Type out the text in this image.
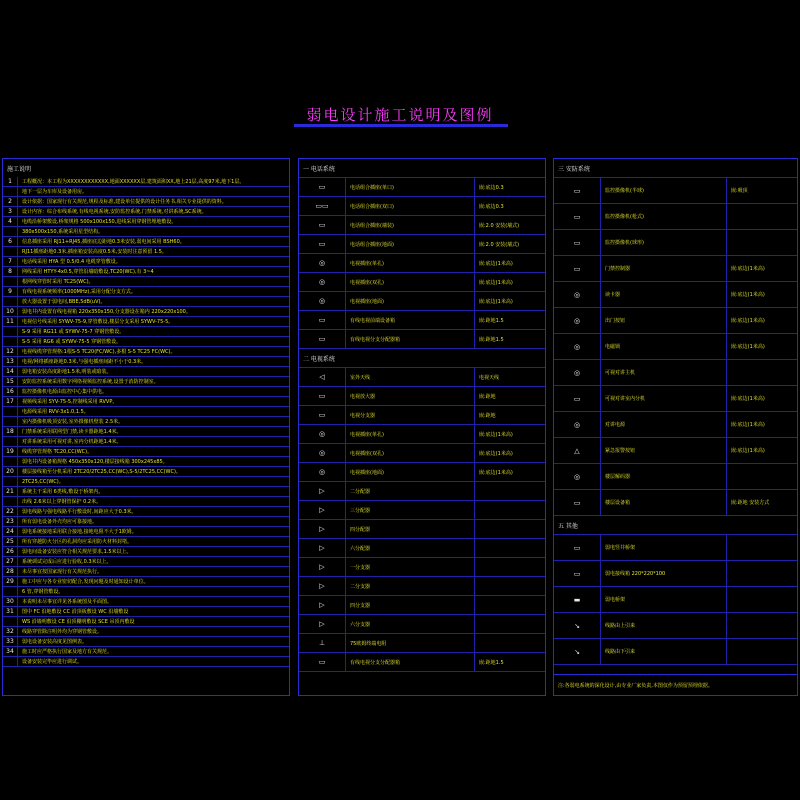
弱电设计施工说明及图例
施工说明
1	工程概况：本工程为XXXXXXXXXXXX,地面XXXXXX层,建筑面积XX,地上21层,高度97米,地下1层。
地下一层为车库及设备用房。
2	设计依据：国家现行有关规范,规程及标准,建设单位提供的设计任务书,相关专业提供的资料。
3	设计内容：综合布线系统,有线电视系统,安防监控系统,门禁系统,对讲系统,SC系统。
4	电缆沿桥架敷设,桥架规格 500x100x150,进线采用穿钢管埋地敷设。
380x500x150,系统采用星型结构。
6	信息插座采用 RJ11+RJ45,插座底边距地0.3米安装,弱电间采用 BSH60。
RJ11插座距地0.3米,插座箱安装高度0.5米,安装时注意预留 1.5。
7	电话线采用 HYA 型 0.5/0.4 电缆穿管敷设。
8	网线采用 HTYY-4x0.5,穿管沿墙暗敷设,TC20(WC),有 3~4
根网线穿管时采用 TC25(WC)。
9	有线电视系统频率(1000MHz),采用分配分支方式。
放大器设置于弱电间,BBE,5dB(uV)。
10	弱电井内设置有线电视箱 220x350x150,分支器设在箱内 220x220x100。
11	电视信号线采用 SYWV-75-9,穿管敷设,楼层分支采用 SYWV-75-5。
S-9 采用 RG11 或 SYWV-75-7 穿钢管敷设。
S-5 采用 RG6 或 SYWV-75-5 穿钢管敷设。
12	电视线缆穿管规格:1根S-5 TC20(FC/WC),多根 S-5 TC25 FC(WC)。
13	电视/网络插座距地0.3米,与强电插座间距不小于0.3米。
14	弱电箱安装高度距地1.5米,明装或暗装。
15	安防监控系统采用数字网络视频监控系统,设置于消防控制室。
16	监控摄像机电源由监控中心集中供电。
17	视频线采用 SYV-75-5,控制线采用 RVVP。
电源线采用 RVV-3x1.0,1.5。
室内摄像机吸顶安装,室外摄像机壁装 2.5米。
18	门禁系统采用联网型门禁,读卡器距地1.4米。
对讲系统采用可视对讲,室内分机距地1.4米。
19	线缆穿管规格 TC20,CC(WC)。
弱电井内设备箱规格 450x350x120,楼层接线箱 300x245x85。
20	楼层接线箱至分机采用 2TC20/2TC25,CC(WC),S-5/2TC25,CC(WC)。
2TC25,CC(WC)。
21	系统主干采用 6类线,敷设于桥架内。
出线 2.6米以上穿钢管保护 0.2米。
22	弱电线路与强电线路平行敷设时,间距应大于0.3米。
23	所有弱电设备外壳均应可靠接地。
24	弱电系统接地采用联合接地,接地电阻不大于1欧姆。
25	所有穿越防火分区的孔洞均应采用防火材料封堵。
26	弱电间设备安装应符合相关规范要求,1.5米以上。
27	系统调试完成后应进行验收,0.3米以上。
28	未尽事宜按国家现行有关规范执行。
29	施工中应与各专业密切配合,发现问题及时通知设计单位。
6 管,穿钢管敷设。
30	本说明未尽事宜详见各系统图及平面图。
31	图中 FC 沿地敷设 CC 沿顶板敷设 WC 沿墙敷设
WS 沿墙明敷设 CE 沿顶棚明敷设 SCE 吊顶内敷设
32	线路穿管除注明外均为穿钢管敷设。
33	弱电设备安装高度见图例表。
34	施工时应严格执行国家及地方有关规范。
设备安装完毕应进行调试。
一 电话系统
▭	电话组合插座(单口)	嵌:底边0.3
▭▭	电话组合插座(双口)	嵌:底边0.3
▭	电话组合插座(墙装)	嵌:2.0 安装(墙式)
▭	电话组合插座(地面)	嵌:2.0 安装(墙式)
◎	电视插座(单孔)	嵌:底边(1米高)
◎	电视插座(双孔)	嵌:底边(1米高)
◎	电视插座(地面)	嵌:底边(1米高)
▭	有线电视前端设备箱	嵌:距地1.5
▭	有线电视分支分配器箱	嵌:距地1.5
二 电视系统
◁	室外天线	电视天线
▭	电视放大器	嵌:距地
▭	电视分支器	嵌:距地
◎	电视插座(单孔)	嵌:底边(1米高)
◎	电视插座(双孔)	嵌:底边(1米高)
◎	电视插座(地面)	嵌:底边(1米高)
▷	二分配器
▷	三分配器
▷	四分配器
▷	六分配器
▷	一分支器
▷	二分支器
▷	四分支器
▷	六分支器
⊥	75欧姆终端电阻
▭	有线电视分支分配器箱	嵌:距地1.5
三 安防系统
▭	监控摄像机(半球)	嵌:吸顶
▭	监控摄像机(枪式)
▭	监控摄像机(球形)
▭	门禁控制器	嵌:底边(1米高)
◎	读卡器	嵌:底边(1米高)
◎	出门按钮	嵌:底边(1米高)
◎	电磁锁	嵌:底边(1米高)
◎	可视对讲主机
▭	可视对讲室内分机	嵌:底边(1米高)
◎	对讲电源	嵌:底边(1米高)
△	紧急报警按钮	嵌:底边(1米高)
◎	楼层解码器
▭	楼层设备箱	嵌:距地 安装方式
五 其他
▭	弱电竖井桥架
▭	弱电接线箱 220*220*100
▬	弱电桥架
↘	线路由上引来
↘	线路由下引来
注:各弱电系统的深化设计,由专业厂家负责,本图仅作为预留预埋依据。
